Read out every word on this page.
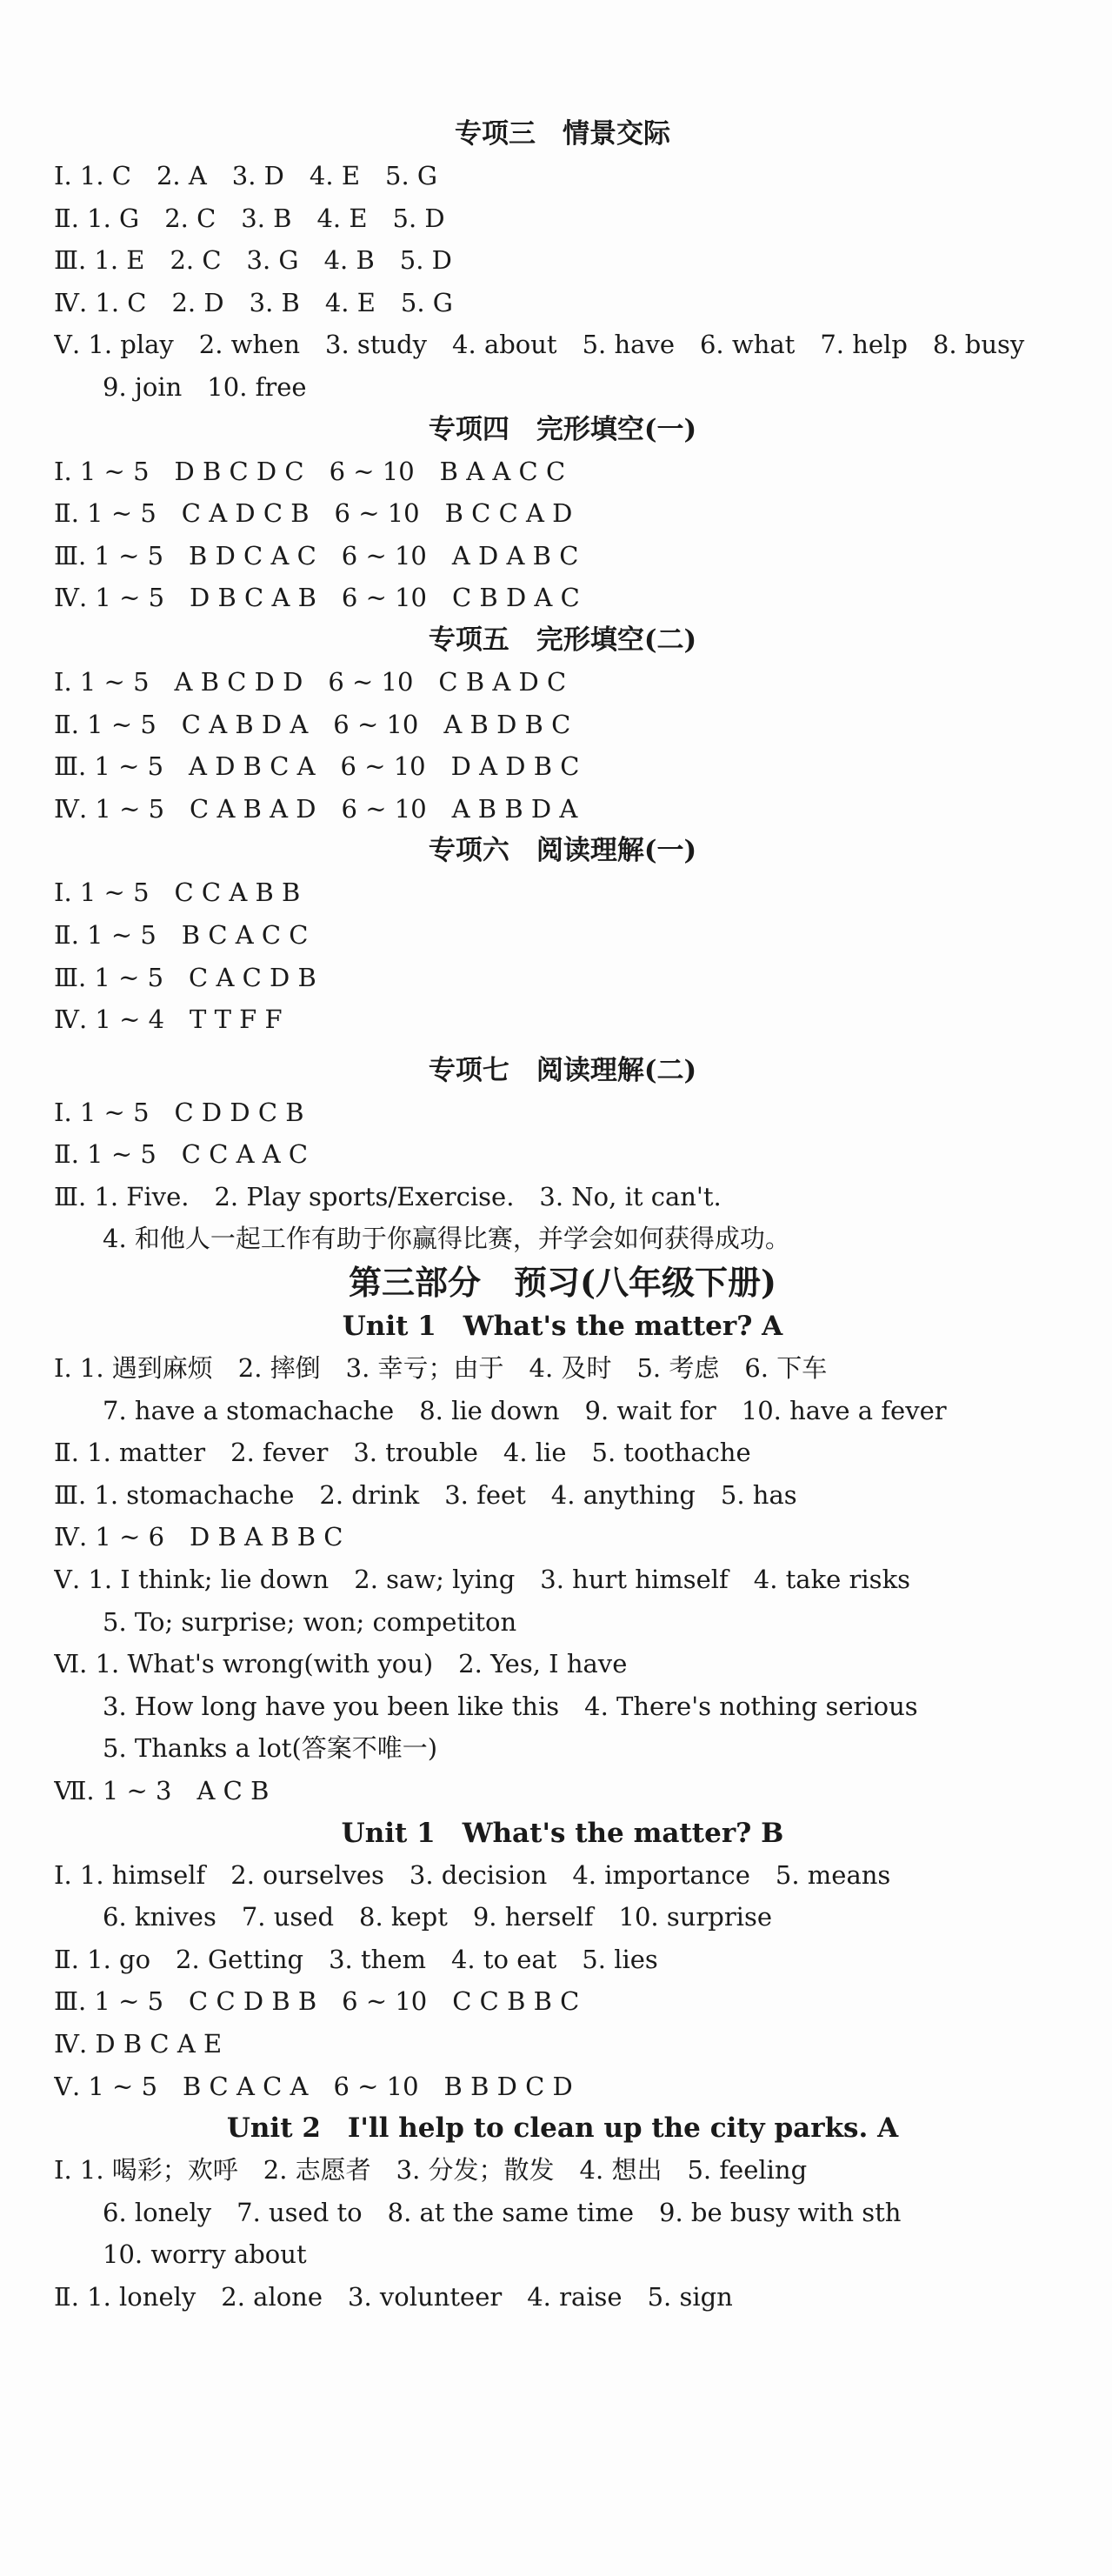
专项三　情景交际
Ⅰ. 1. C　2. A　3. D　4. E　5. G
Ⅱ. 1. G　2. C　3. B　4. E　5. D
Ⅲ. 1. E　2. C　3. G　4. B　5. D
Ⅳ. 1. C　2. D　3. B　4. E　5. G
Ⅴ. 1. play　2. when　3. study　4. about　5. have　6. what　7. help　8. busy
9. join　10. free
专项四　完形填空(一)
Ⅰ. 1 ~ 5　D B C D C　6 ~ 10　B A A C C
Ⅱ. 1 ~ 5　C A D C B　6 ~ 10　B C C A D
Ⅲ. 1 ~ 5　B D C A C　6 ~ 10　A D A B C
Ⅳ. 1 ~ 5　D B C A B　6 ~ 10　C B D A C
专项五　完形填空(二)
Ⅰ. 1 ~ 5　A B C D D　6 ~ 10　C B A D C
Ⅱ. 1 ~ 5　C A B D A　6 ~ 10　A B D B C
Ⅲ. 1 ~ 5　A D B C A　6 ~ 10　D A D B C
Ⅳ. 1 ~ 5　C A B A D　6 ~ 10　A B B D A
专项六　阅读理解(一)
Ⅰ. 1 ~ 5　C C A B B
Ⅱ. 1 ~ 5　B C A C C
Ⅲ. 1 ~ 5　C A C D B
Ⅳ. 1 ~ 4　T T F F
专项七　阅读理解(二)
Ⅰ. 1 ~ 5　C D D C B
Ⅱ. 1 ~ 5　C C A A C
Ⅲ. 1. Five.　2. Play sports/Exercise.　3. No, it can't.
4. 和他人一起工作有助于你赢得比赛，并学会如何获得成功。
第三部分　预习(八年级下册)
Unit 1　What's the matter? A
Ⅰ. 1. 遇到麻烦　2. 摔倒　3. 幸亏；由于　4. 及时　5. 考虑　6. 下车
7. have a stomachache　8. lie down　9. wait for　10. have a fever
Ⅱ. 1. matter　2. fever　3. trouble　4. lie　5. toothache
Ⅲ. 1. stomachache　2. drink　3. feet　4. anything　5. has
Ⅳ. 1 ~ 6　D B A B B C
Ⅴ. 1. I think; lie down　2. saw; lying　3. hurt himself　4. take risks
5. To; surprise; won; competiton
Ⅵ. 1. What's wrong(with you)　2. Yes, I have
3. How long have you been like this　4. There's nothing serious
5. Thanks a lot(答案不唯一)
Ⅶ. 1 ~ 3　A C B
Unit 1　What's the matter? B
Ⅰ. 1. himself　2. ourselves　3. decision　4. importance　5. means
6. knives　7. used　8. kept　9. herself　10. surprise
Ⅱ. 1. go　2. Getting　3. them　4. to eat　5. lies
Ⅲ. 1 ~ 5　C C D B B　6 ~ 10　C C B B C
Ⅳ. D B C A E
Ⅴ. 1 ~ 5　B C A C A　6 ~ 10　B B D C D
Unit 2　I'll help to clean up the city parks. A
Ⅰ. 1. 喝彩；欢呼　2. 志愿者　3. 分发；散发　4. 想出　5. feeling
6. lonely　7. used to　8. at the same time　9. be busy with sth
10. worry about
Ⅱ. 1. lonely　2. alone　3. volunteer　4. raise　5. sign
